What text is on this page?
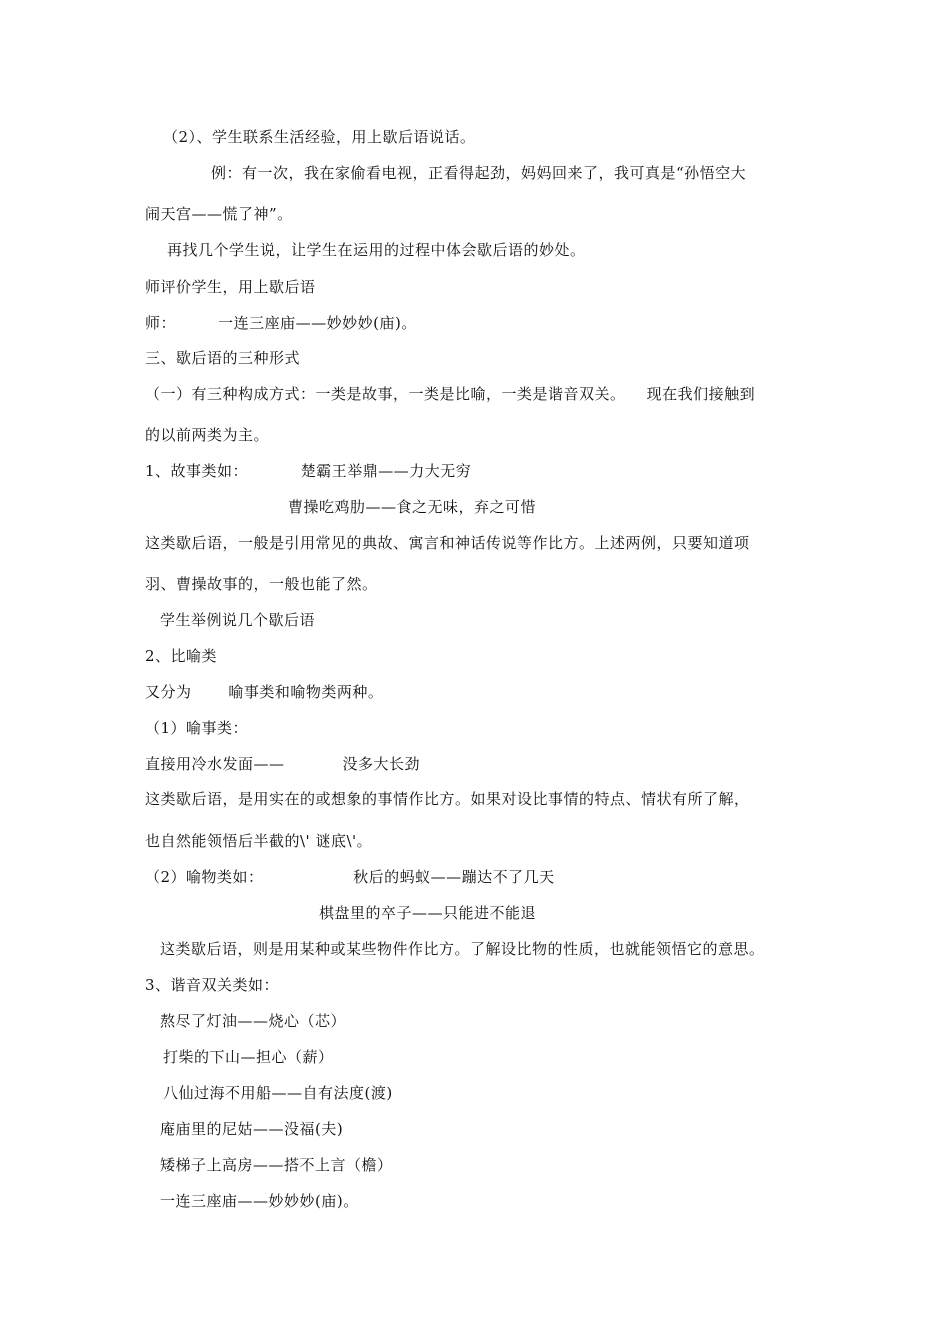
（2）、学生联系生活经验，用上歇后语说话。
例：有一次，我在家偷看电视，正看得起劲，妈妈回来了，我可真是“孙悟空大
闹天宫——慌了神”。
再找几个学生说，让学生在运用的过程中体会歇后语的妙处。
师评价学生，用上歇后语
师：        一连三座庙——妙妙妙(庙)。
三、歇后语的三种形式
（一）有三种构成方式：一类是故事，一类是比喻，一类是谐音双关。    现在我们接触到
的以前两类为主。
1、故事类如：          楚霸王举鼎——力大无穷
曹操吃鸡肋——食之无味，弃之可惜
这类歇后语，一般是引用常见的典故、寓言和神话传说等作比方。上述两例，只要知道项
羽、曹操故事的，一般也能了然。
学生举例说几个歇后语
2、比喻类
又分为       喻事类和喻物类两种。
（1）喻事类：
直接用冷水发面——           没多大长劲
这类歇后语，是用实在的或想象的事情作比方。如果对设比事情的特点、情状有所了解，
也自然能领悟后半截的\' 谜底\'。
（2）喻物类如：                 秋后的蚂蚁——蹦达不了几天
棋盘里的卒子——只能进不能退
这类歇后语，则是用某种或某些物件作比方。了解设比物的性质，也就能领悟它的意思。
3、谐音双关类如：
熬尽了灯油——烧心（芯）
打柴的下山—担心（薪）
八仙过海不用船——自有法度(渡)
庵庙里的尼姑——没福(夫)
矮梯子上高房——搭不上言（檐）
一连三座庙——妙妙妙(庙)。
